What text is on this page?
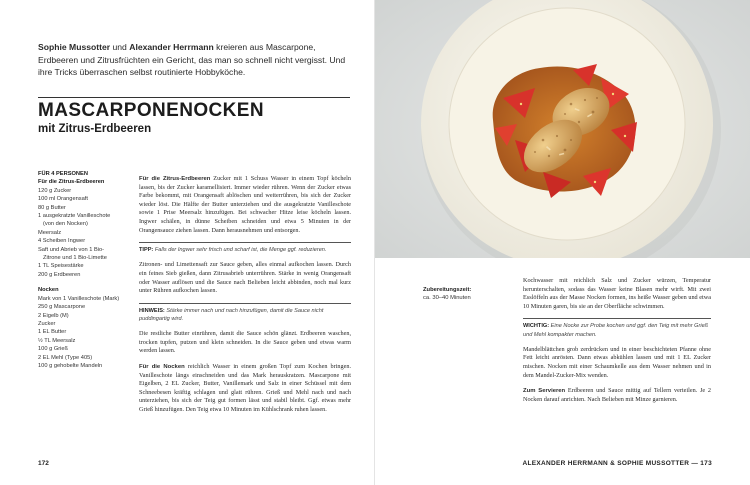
Sophie Mussotter und Alexander Herrmann kreieren aus Mascarpone, Erdbeeren und Zitrusfrüchten ein Gericht, das man so schnell nicht vergisst. Und ihre Tricks überraschen selbst routinierte Hobbyköche.
MASCARPONENOCKEN
mit Zitrus-Erdbeeren
FÜR 4 PERSONEN
Für die Zitrus-Erdbeeren
120 g Zucker
100 ml Orangensaft
80 g Butter
1 ausgekratzte Vanilleschote
(von den Nocken)
Meersalz
4 Scheiben Ingwer
Saft und Abrieb von 1 Bio-
Zitrone und 1 Bio-Limette
1 TL Speisestärke
200 g Erdbeeren
Nocken
Mark von 1 Vanilleschote (Mark)
250 g Mascarpone
2 Eigelb (M)
Zucker
1 EL Butter
½ TL Meersalz
100 g Grieß
2 EL Mehl (Type 405)
100 g gehobelte Mandeln

Für die Zitrus-Erdbeeren Zucker mit 1 Schuss Wasser in einem Topf köcheln lassen, bis der Zucker karamellisiert. Immer wieder rühren. Wenn der Zucker etwas Farbe bekommt, mit Orangensaft ablöschen und weiterrühren, bis sich der Zucker wieder löst. Die Hälfte der Butter unterziehen und die ausgekratzte Vanilleschote sowie 1 Prise Meersalz hinzufügen. Bei schwacher Hitze leise köcheln lassen. Ingwer schälen, in dünne Scheiben schneiden und etwa 5 Minuten in der Orangensauce ziehen lassen. Dann herausnehmen und entsorgen.

TIPP: Falls der Ingwer sehr frisch und scharf ist, die Menge ggf. reduzieren.

Zitronen- und Limettensaft zur Sauce geben, alles einmal aufkochen lassen. Durch ein feines Sieb gießen, dann Zitrusabrieb unterrühren. Stärke in wenig Orangensaft oder Wasser auflösen und die Sauce nach Belieben leicht abbinden, noch mal kurz unter Rühren aufkochen lassen.

HINWEIS: Stärke immer nach und nach hinzufügen, damit die Sauce nicht puddingartig wird.

Die restliche Butter einrühren, damit die Sauce schön glänzt. Erdbeeren waschen, trocken tupfen, putzen und klein schneiden. In die Sauce geben und etwas warm werden lassen.

Für die Nocken reichlich Wasser in einem großen Topf zum Kochen bringen. Vanilleschote längs einschneiden und das Mark herauskratzen. Mascarpone mit Eigelben, 2 EL Zucker, Butter, Vanillemark und Salz in einer Schüssel mit dem Schneebesen kräftig schlagen und glatt rühren. Grieß und Mehl nach und nach unterziehen, bis sich der Teig gut formen lässt und stabil bleibt. Ggf. etwas mehr Grieß hinzufügen. Den Teig etwa 10 Minuten im Kühlschrank ruhen lassen.

172
Zubereitungszeit:
ca. 30–40 Minuten

Kochwasser mit reichlich Salz und Zucker würzen, Temperatur herunterschalten, sodass das Wasser keine Blasen mehr wirft. Mit zwei Esslöffeln aus der Masse Nocken formen, ins heiße Wasser geben und etwa 10 Minuten garen, bis sie an der Oberfläche schwimmen.

WICHTIG: Eine Nocke zur Probe kochen und ggf. den Teig mit mehr Grieß und Mehl kompakter machen.

Mandelblättchen grob zerdrücken und in einer beschichteten Pfanne ohne Fett leicht anrösten. Dann etwas abkühlen lassen und mit 1 EL Zucker mischen. Nocken mit einer Schaumkelle aus dem Wasser nehmen und in dem Mandel-Zucker-Mix wenden.

Zum Servieren Erdbeeren und Sauce mittig auf Tellern verteilen. Je 2 Nocken darauf anrichten. Nach Belieben mit Minze garnieren.

ALEXANDER HERRMANN & SOPHIE MUSSOTTER — 173
